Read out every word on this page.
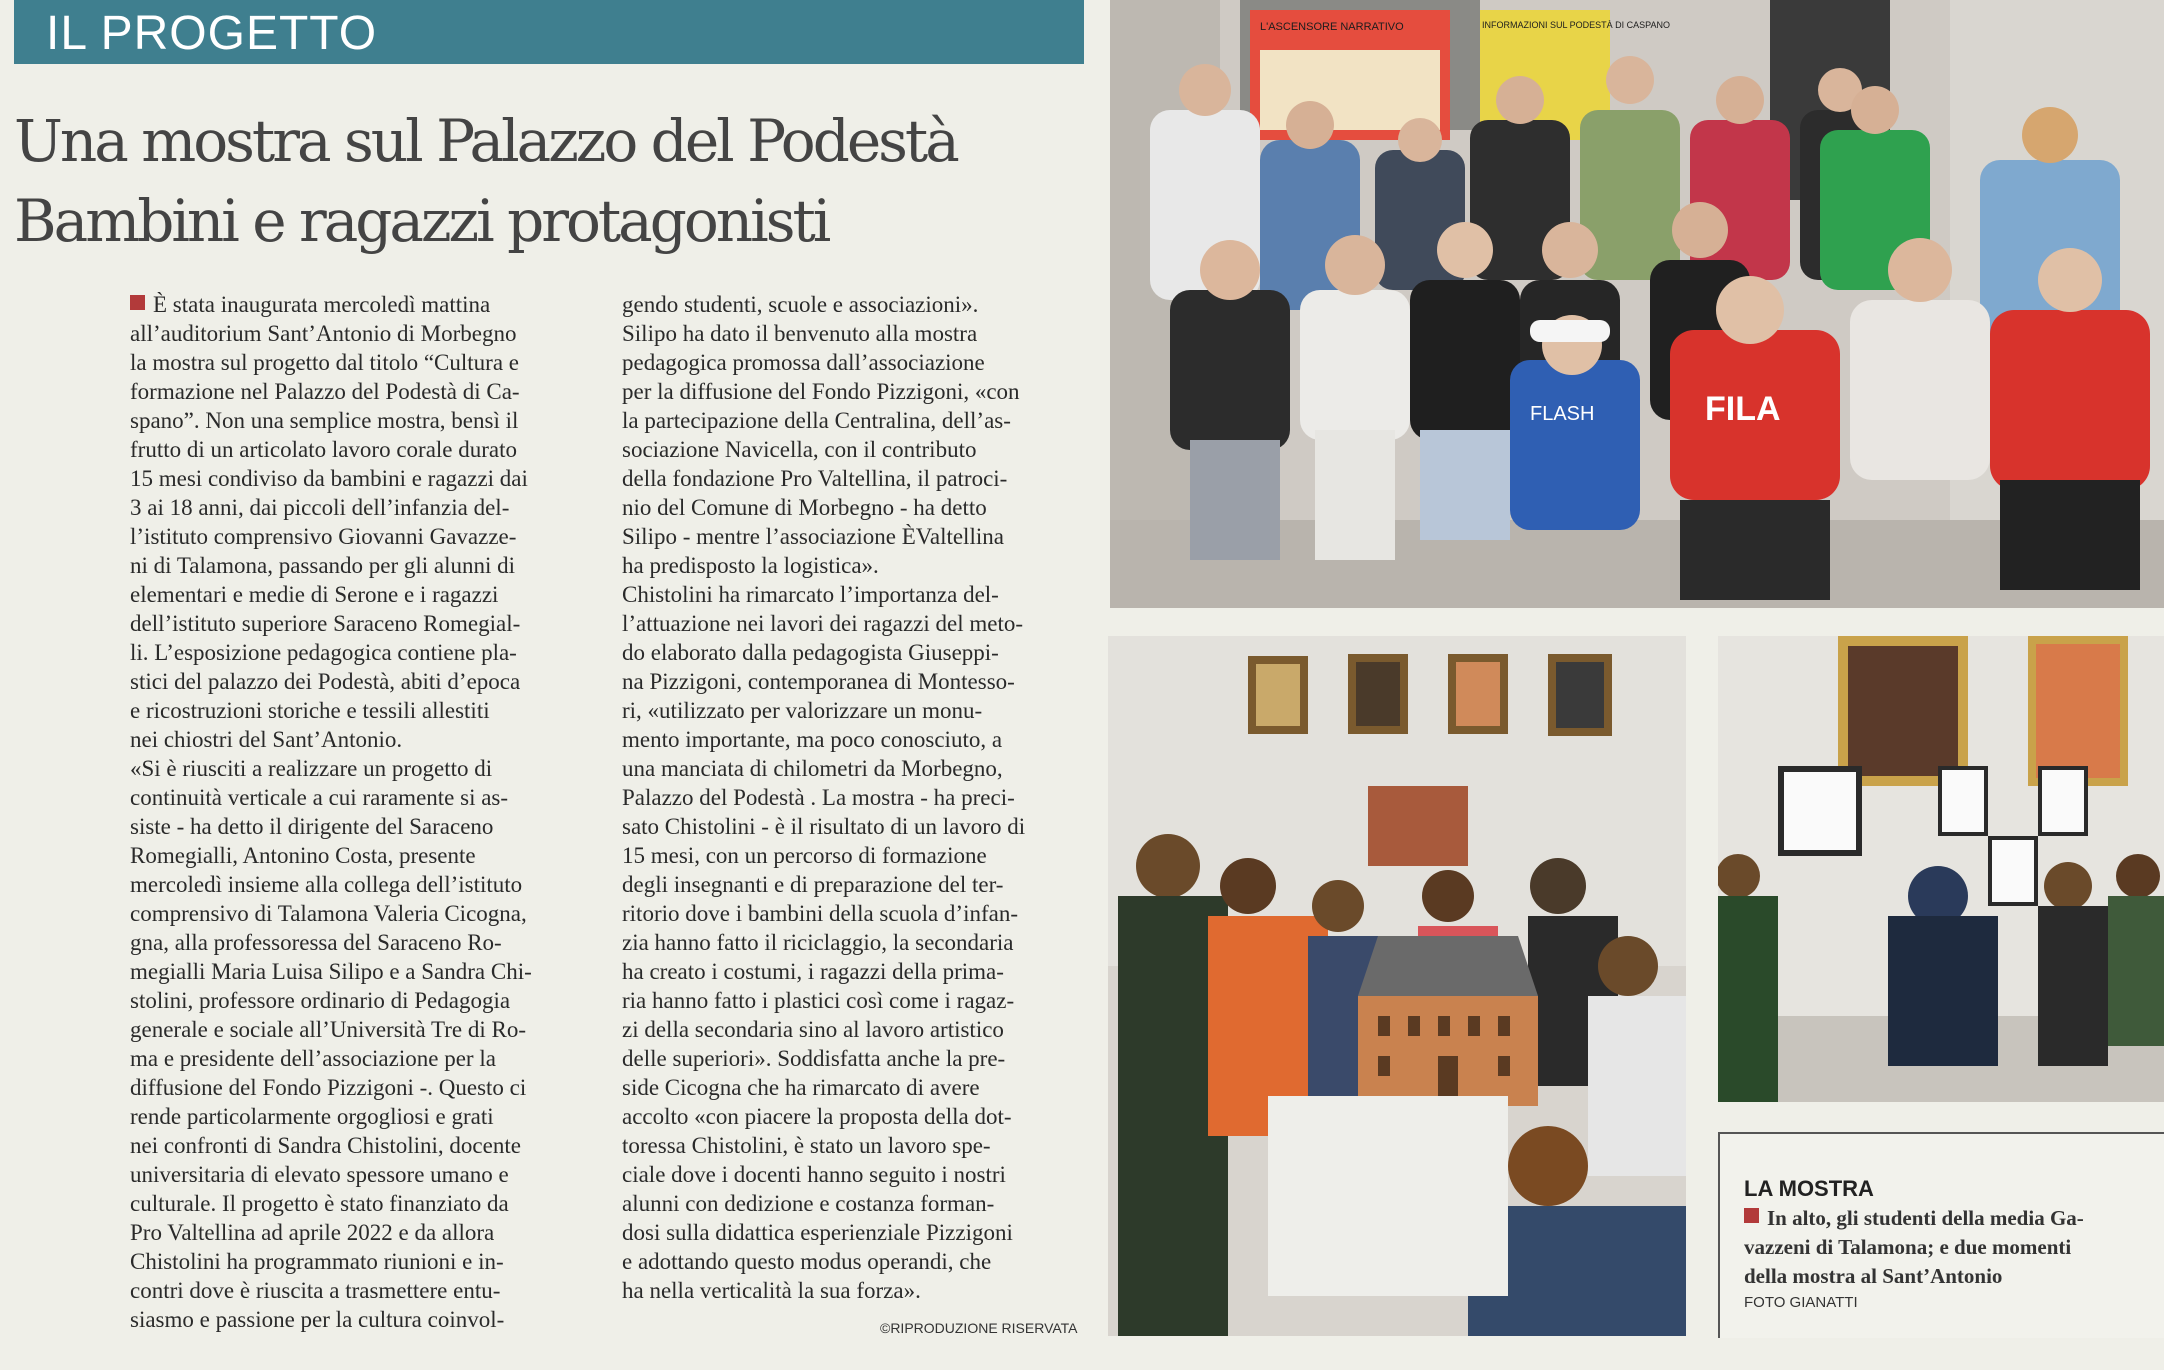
IL PROGETTO
Una mostra sul Palazzo del Podestà
Bambini e ragazzi protagonisti
È stata inaugurata mercoledì mattina
all’auditorium Sant’Antonio di Morbegno
la mostra sul progetto dal titolo “Cultura e
formazione nel Palazzo del Podestà di Ca-
spano”. Non una semplice mostra, bensì il
frutto di un articolato lavoro corale durato
15 mesi condiviso da bambini e ragazzi dai
3 ai 18 anni, dai piccoli dell’infanzia del-
l’istituto comprensivo Giovanni Gavazze-
ni di Talamona, passando per gli alunni di
elementari e medie di Serone e i ragazzi
dell’istituto superiore Saraceno Romegial-
li. L’esposizione pedagogica contiene pla-
stici del palazzo dei Podestà, abiti d’epoca
e ricostruzioni storiche e tessili allestiti
nei chiostri del Sant’Antonio.
«Si è riusciti a realizzare un progetto di
continuità verticale a cui raramente si as-
siste - ha detto il dirigente del Saraceno
Romegialli, Antonino Costa, presente
mercoledì insieme alla collega dell’istituto
comprensivo di Talamona Valeria Cicogna,
gna, alla professoressa del Saraceno Ro-
megialli Maria Luisa Silipo e a Sandra Chi-
stolini, professore ordinario di Pedagogia
generale e sociale all’Università Tre di Ro-
ma e presidente dell’associazione per la
diffusione del Fondo Pizzigoni -. Questo ci
rende particolarmente orgogliosi e grati
nei confronti di Sandra Chistolini, docente
universitaria di elevato spessore umano e
culturale. Il progetto è stato finanziato da
Pro Valtellina ad aprile 2022 e da allora
Chistolini ha programmato riunioni e in-
contri dove è riuscita a trasmettere entu-
siasmo e passione per la cultura coinvol-
gendo studenti, scuole e associazioni».
Silipo ha dato il benvenuto alla mostra
pedagogica promossa dall’associazione
per la diffusione del Fondo Pizzigoni, «con
la partecipazione della Centralina, dell’as-
sociazione Navicella, con il contributo
della fondazione Pro Valtellina, il patroci-
nio del Comune di Morbegno - ha detto
Silipo - mentre l’associazione ÈValtellina
ha predisposto la logistica».
Chistolini ha rimarcato l’importanza del-
l’attuazione nei lavori dei ragazzi del meto-
do elaborato dalla pedagogista Giuseppi-
na Pizzigoni, contemporanea di Montesso-
ri, «utilizzato per valorizzare un monu-
mento importante, ma poco conosciuto, a
una manciata di chilometri da Morbegno,
Palazzo del Podestà . La mostra - ha preci-
sato Chistolini - è il risultato di un lavoro di
15 mesi, con un percorso di formazione
degli insegnanti e di preparazione del ter-
ritorio dove i bambini della scuola d’infan-
zia hanno fatto il riciclaggio, la secondaria
ha creato i costumi, i ragazzi della prima-
ria hanno fatto i plastici così come i ragaz-
zi della secondaria sino al lavoro artistico
delle superiori». Soddisfatta anche la pre-
side Cicogna che ha rimarcato di avere
accolto «con piacere la proposta della dot-
toressa Chistolini, è stato un lavoro spe-
ciale dove i docenti hanno seguito i nostri
alunni con dedizione e costanza forman-
dosi sulla didattica esperienziale Pizzigoni
e adottando questo modus operandi, che
ha nella verticalità la sua forza».
©RIPRODUZIONE RISERVATA
L'ASCENSORE NARRATIVO	INFORMAZIONI SUL PODESTÀ DI CASPANO
FLASH	FILA
LA MOSTRA
In alto, gli studenti della media Ga-
vazzeni di Talamona; e due momenti
della mostra al Sant’Antonio
FOTO GIANATTI
